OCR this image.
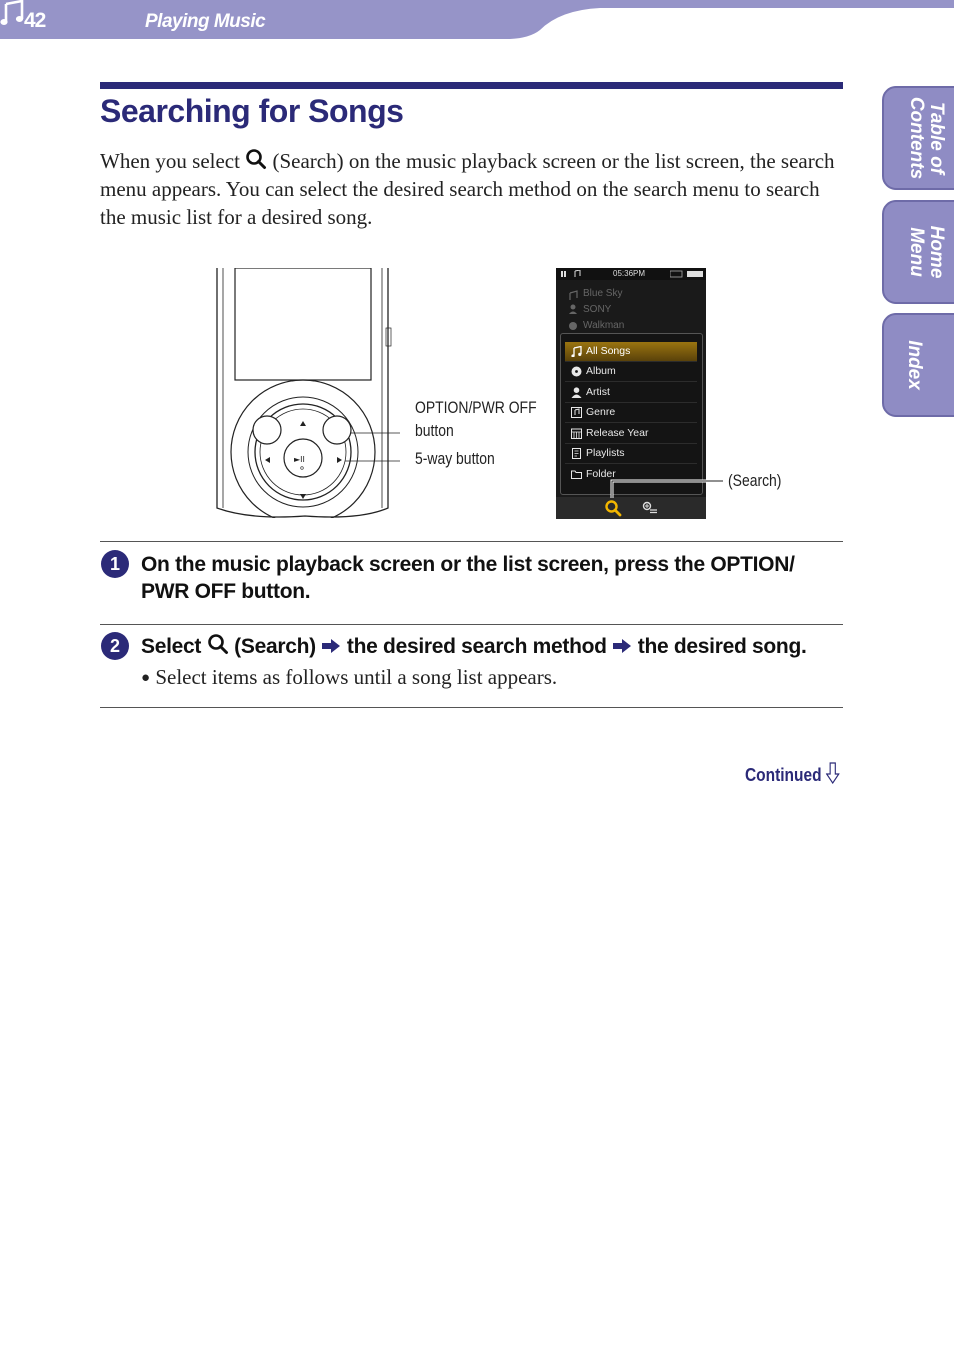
42	Playing Music
Table of
Contents
Home
Menu
Index
Searching for Songs
When you select (Search) on the music playback screen or the list screen, the search menu appears. You can select the desired search method on the search menu to search the music list for a desired song.
►II
OPTION/PWR OFF
button
5-way button
(Search)
05:36PM
Blue Sky
SONY
Walkman
All Songs
Album
Artist
Genre
Release Year
Playlists
Folder
1	On the music playback screen or the list screen, press the OPTION/
PWR OFF button.
2	Select (Search) the desired search method the desired song.
● Select items as follows until a song list appears.
Continued
